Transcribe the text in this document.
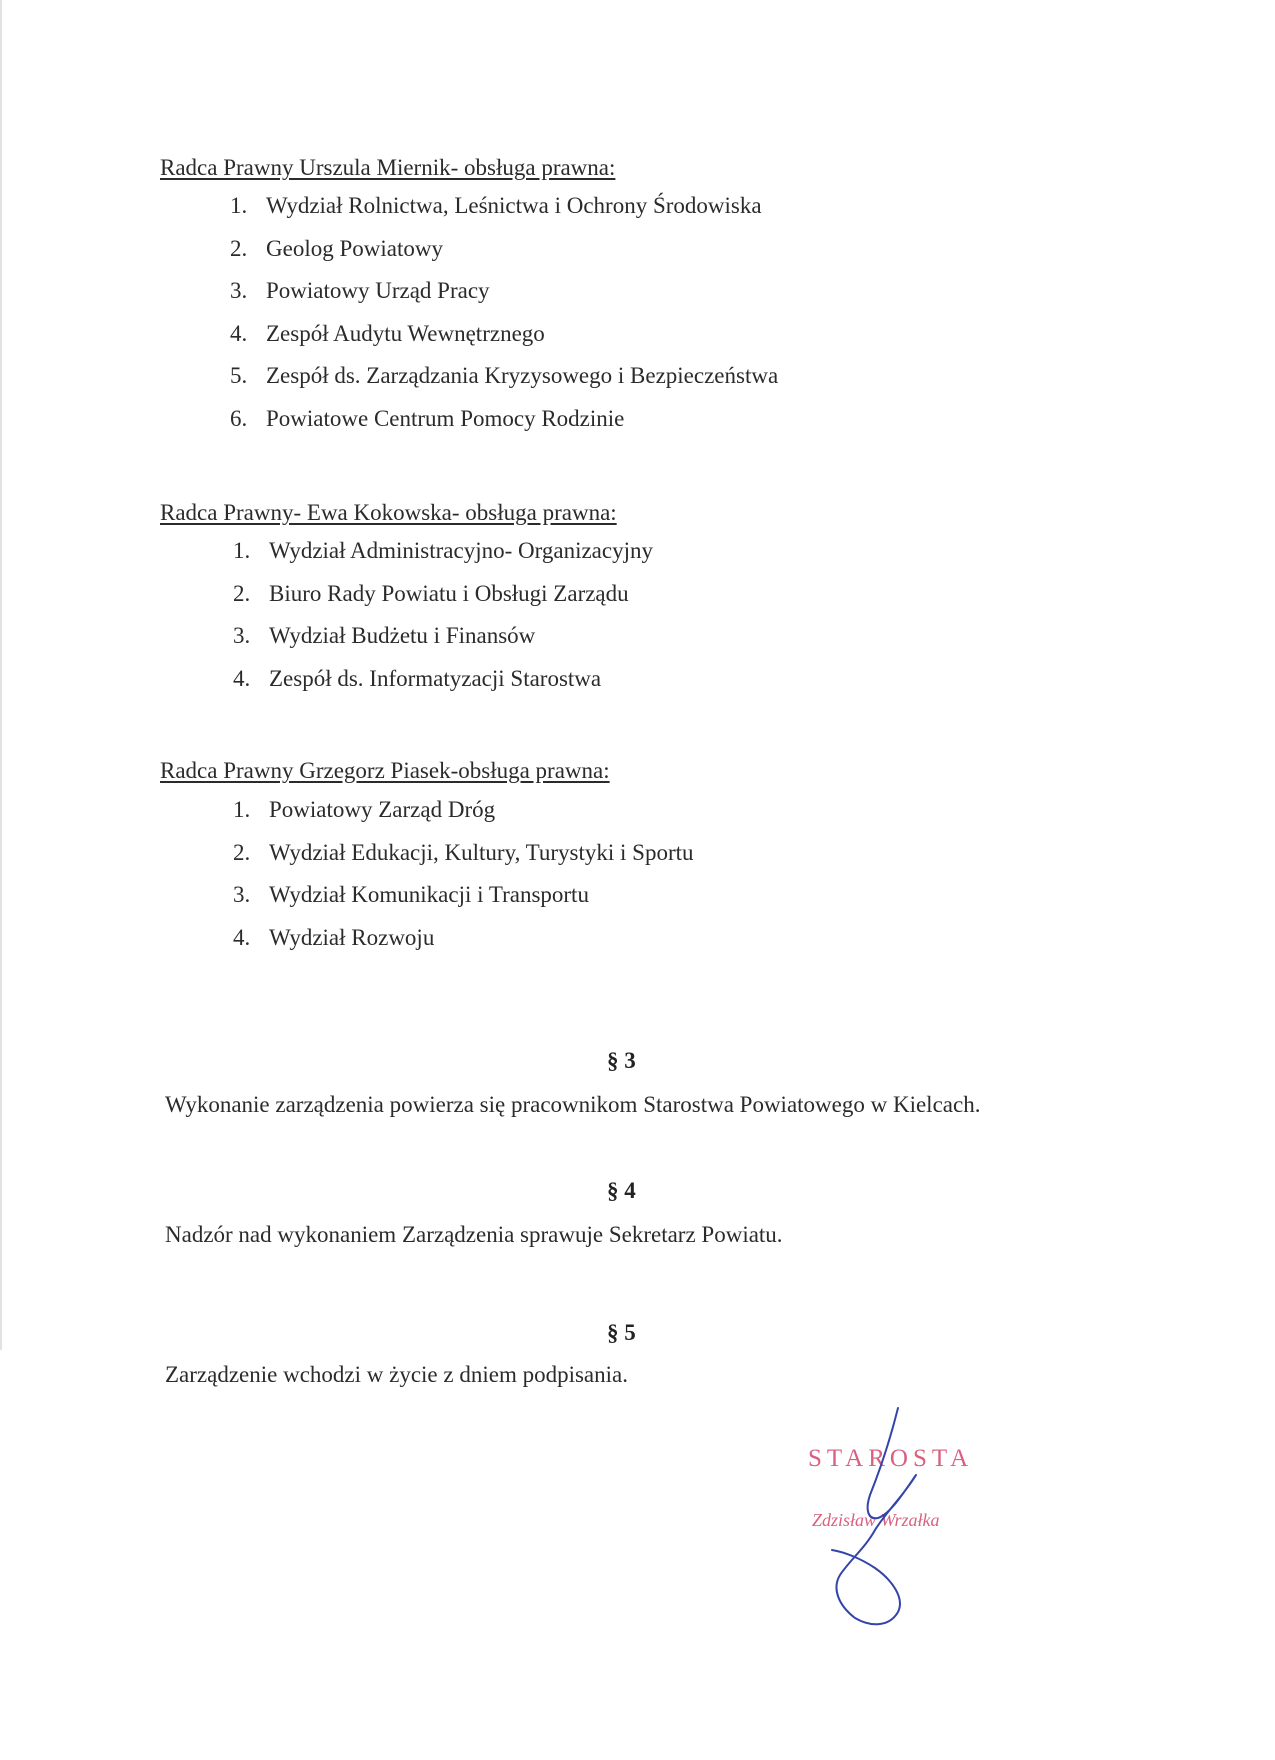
Radca Prawny Urszula Miernik- obsługa prawna:
1. Wydział Rolnictwa, Leśnictwa i Ochrony Środowiska
2. Geolog Powiatowy
3. Powiatowy Urząd Pracy
4. Zespół Audytu Wewnętrznego
5. Zespół ds. Zarządzania Kryzysowego i Bezpieczeństwa
6. Powiatowe Centrum Pomocy Rodzinie
Radca Prawny- Ewa Kokowska- obsługa prawna:
1. Wydział Administracyjno- Organizacyjny
2. Biuro Rady Powiatu i Obsługi Zarządu
3. Wydział Budżetu i Finansów
4. Zespół ds. Informatyzacji Starostwa
Radca Prawny Grzegorz Piasek-obsługa prawna:
1. Powiatowy Zarząd Dróg
2. Wydział Edukacji, Kultury, Turystyki i Sportu
3. Wydział Komunikacji i Transportu
4. Wydział Rozwoju
§ 3
Wykonanie zarządzenia powierza się pracownikom Starostwa Powiatowego w Kielcach.
§ 4
Nadzór nad wykonaniem Zarządzenia sprawuje Sekretarz Powiatu.
§ 5
Zarządzenie wchodzi w życie z dniem podpisania.
STAROSTA
Zdzisław Wrzałka
